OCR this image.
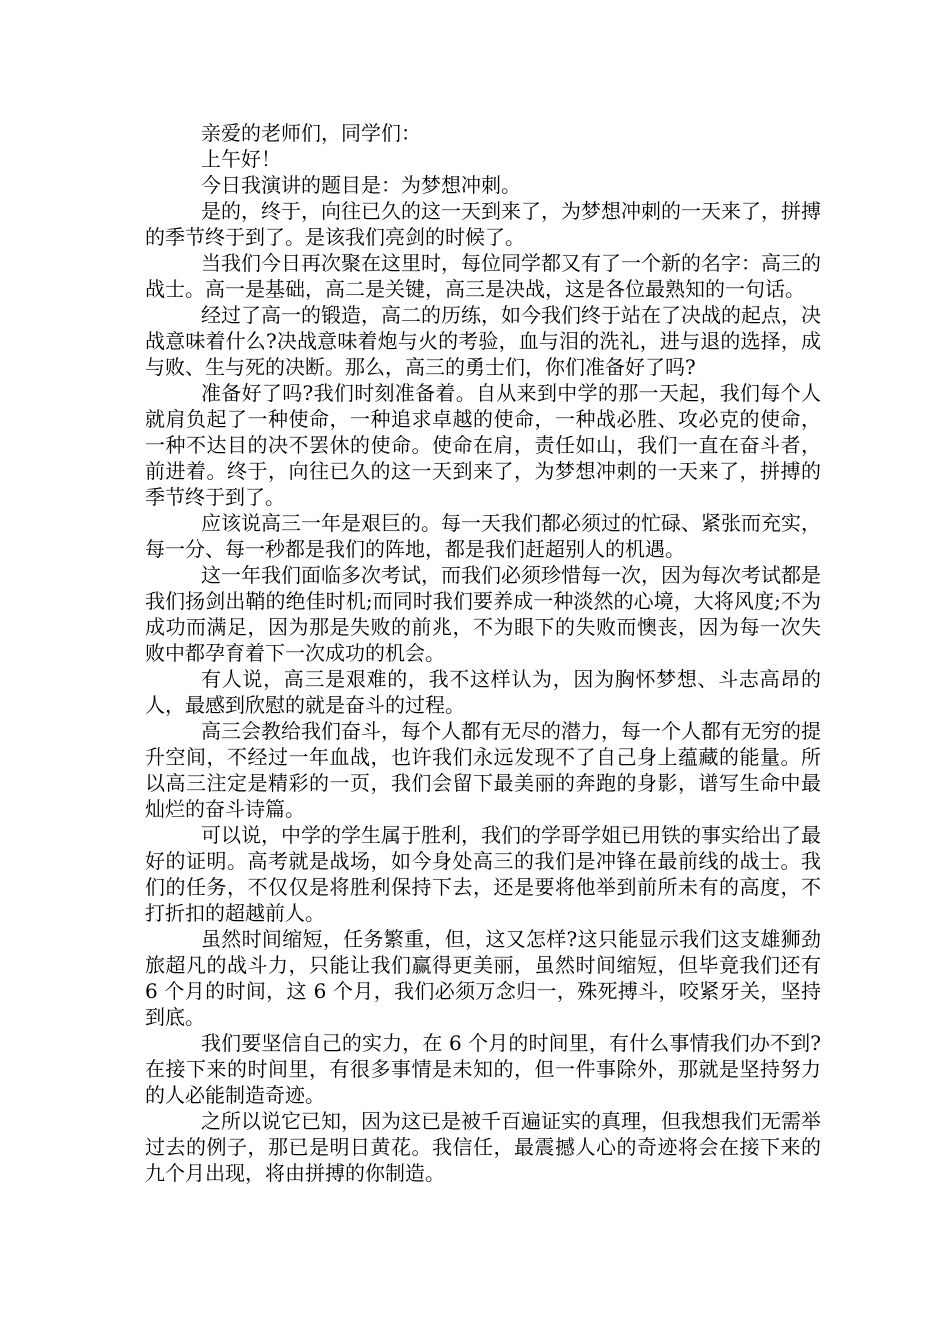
亲爱的老师们，同学们：

上午好！

今日我演讲的题目是：为梦想冲刺。

是的，终于，向往已久的这一天到来了，为梦想冲刺的一天来了，拼搏的季节终于到了。是该我们亮剑的时候了。

当我们今日再次聚在这里时，每位同学都又有了一个新的名字：高三的战士。高一是基础，高二是关键，高三是决战，这是各位最熟知的一句话。

经过了高一的锻造，高二的历练，如今我们终于站在了决战的起点，决战意味着什么?决战意味着炮与火的考验，血与泪的洗礼，进与退的选择，成与败、生与死的决断。那么，高三的勇士们，你们准备好了吗?

准备好了吗?我们时刻准备着。自从来到中学的那一天起，我们每个人就肩负起了一种使命，一种追求卓越的使命，一种战必胜、攻必克的使命，一种不达目的决不罢休的使命。使命在肩，责任如山，我们一直在奋斗者，前进着。终于，向往已久的这一天到来了，为梦想冲刺的一天来了，拼搏的季节终于到了。

应该说高三一年是艰巨的。每一天我们都必须过的忙碌、紧张而充实，每一分、每一秒都是我们的阵地，都是我们赶超别人的机遇。

这一年我们面临多次考试，而我们必须珍惜每一次，因为每次考试都是我们扬剑出鞘的绝佳时机;而同时我们要养成一种淡然的心境，大将风度;不为成功而满足，因为那是失败的前兆，不为眼下的失败而懊丧，因为每一次失败中都孕育着下一次成功的机会。

有人说，高三是艰难的，我不这样认为，因为胸怀梦想、斗志高昂的人，最感到欣慰的就是奋斗的过程。

高三会教给我们奋斗，每个人都有无尽的潜力，每一个人都有无穷的提升空间，不经过一年血战，也许我们永远发现不了自己身上蕴藏的能量。所以高三注定是精彩的一页，我们会留下最美丽的奔跑的身影，谱写生命中最灿烂的奋斗诗篇。

可以说，中学的学生属于胜利，我们的学哥学姐已用铁的事实给出了最好的证明。高考就是战场，如今身处高三的我们是冲锋在最前线的战士。我们的任务，不仅仅是将胜利保持下去，还是要将他举到前所未有的高度，不打折扣的超越前人。

虽然时间缩短，任务繁重，但，这又怎样?这只能显示我们这支雄狮劲旅超凡的战斗力，只能让我们赢得更美丽，虽然时间缩短，但毕竟我们还有 6 个月的时间，这 6 个月，我们必须万念归一，殊死搏斗，咬紧牙关，坚持到底。

我们要坚信自己的实力，在 6 个月的时间里，有什么事情我们办不到?在接下来的时间里，有很多事情是未知的，但一件事除外，那就是坚持努力的人必能制造奇迹。

之所以说它已知，因为这已是被千百遍证实的真理，但我想我们无需举过去的例子，那已是明日黄花。我信任，最震撼人心的奇迹将会在接下来的九个月出现，将由拼搏的你制造。
